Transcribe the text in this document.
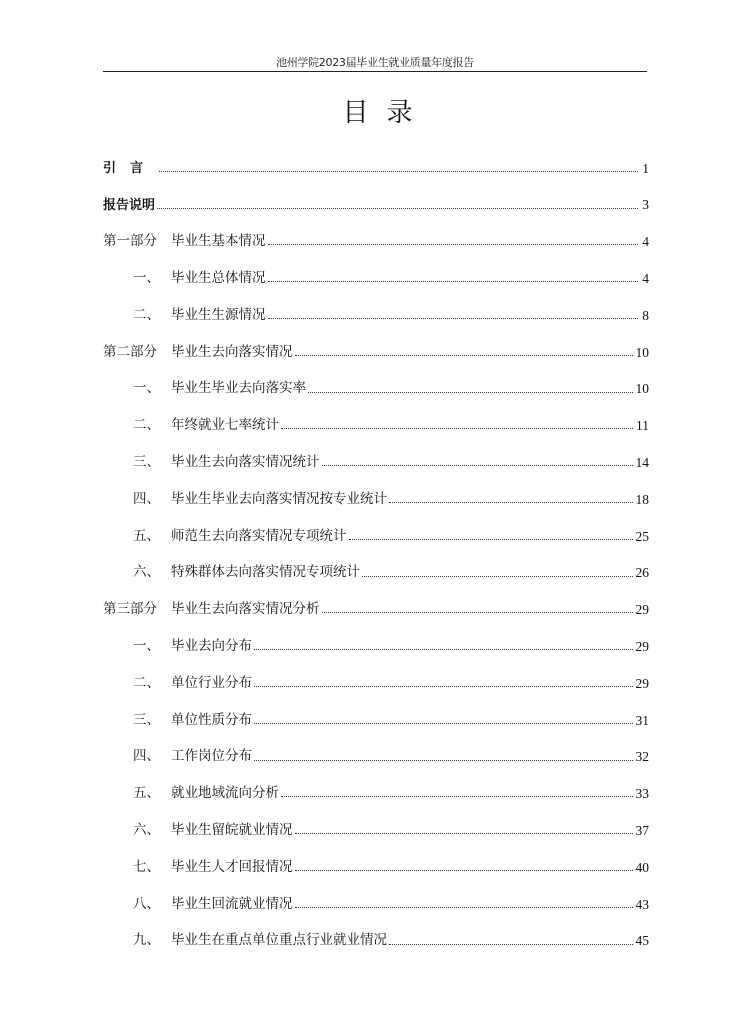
池州学院2023届毕业生就业质量年度报告
目录
引言	1
报告说明	3
第一部分 毕业生基本情况	4
一、 毕业生总体情况	4
二、 毕业生生源情况	8
第二部分 毕业生去向落实情况	10
一、 毕业生毕业去向落实率	10
二、 年终就业七率统计	11
三、 毕业生去向落实情况统计	14
四、 毕业生毕业去向落实情况按专业统计	18
五、 师范生去向落实情况专项统计	25
六、 特殊群体去向落实情况专项统计	26
第三部分 毕业生去向落实情况分析	29
一、 毕业去向分布	29
二、 单位行业分布	29
三、 单位性质分布	31
四、 工作岗位分布	32
五、 就业地域流向分析	33
六、 毕业生留皖就业情况	37
七、 毕业生人才回报情况	40
八、 毕业生回流就业情况	43
九、 毕业生在重点单位重点行业就业情况	45
